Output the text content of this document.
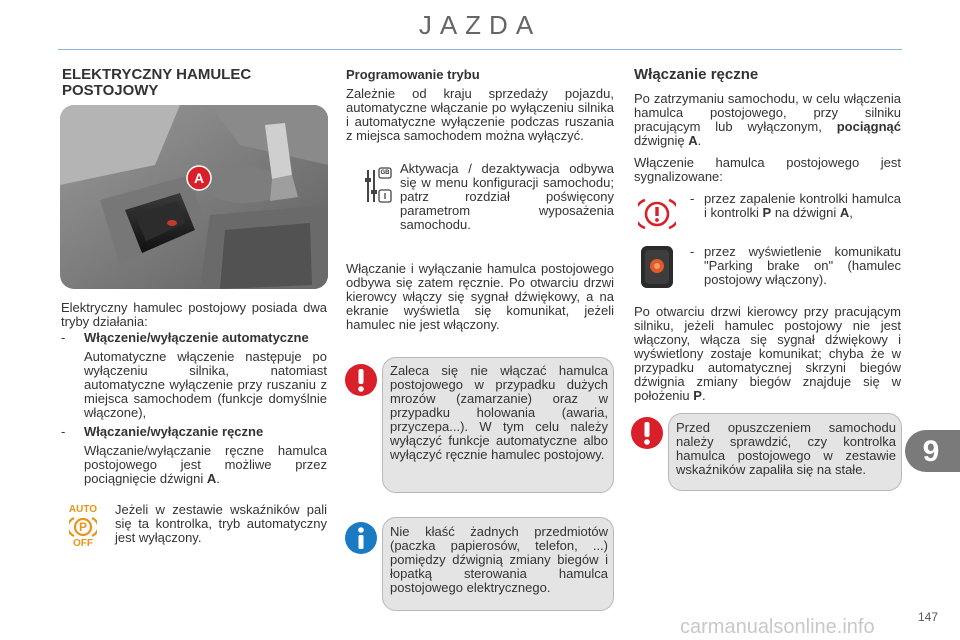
JAZDA
ELEKTRYCZNY HAMULEC POSTOJOWY
A
Elektryczny hamulec postojowy posiada dwa tryby działania:
-	Włączenie/wyłączenie automatyczne
Automatyczne włączenie następuje po wyłączeniu silnika, natomiast automatyczne wyłączenie przy ruszaniu z miejsca samochodem (funkcje domyślnie włączone),
-	Włączanie/wyłączanie ręczne
Włączanie/wyłączanie ręczne hamulca postojowego jest możliwe przez pociągnięcie dźwigni A.
AUTO
P
OFF
Jeżeli w zestawie wskaźników pali się ta kontrolka, tryb automatyczny jest wyłączony.
Programowanie trybu
Zależnie od kraju sprzedaży pojazdu, automatyczne włączanie po wyłączeniu silnika i automatyczne wyłączenie podczas ruszania z miejsca samochodem można wyłączyć.
GB Aktywacja / dezaktywacja odbywa się w menu konfiguracji samochodu; patrz rozdział poświęcony parametrom wyposażenia samochodu.
Włączanie i wyłączanie hamulca postojowego odbywa się zatem ręcznie. Po otwarciu drzwi kierowcy włączy się sygnał dźwiękowy, a na ekranie wyświetla się komunikat, jeżeli hamulec nie jest włączony.
Zaleca się nie włączać hamulca postojowego w przypadku dużych mrozów (zamarzanie) oraz w przypadku holowania (awaria, przyczepa...). W tym celu należy wyłączyć funkcje automatyczne albo wyłączyć ręcznie hamulec postojowy.
Nie kłaść żadnych przedmiotów (paczka papierosów, telefon, ...) pomiędzy dźwignią zmiany biegów i łopatką sterowania hamulca postojowego elektrycznego.
Włączanie ręczne
Po zatrzymaniu samochodu, w celu włączenia hamulca postojowego, przy silniku pracującym lub wyłączonym, pociągnąć dźwignię A.
Włączenie hamulca postojowego jest sygnalizowane:
- przez zapalenie kontrolki hamulca i kontrolki P na dźwigni A,
- przez wyświetlenie komunikatu "Parking brake on" (hamulec postojowy włączony).
Po otwarciu drzwi kierowcy przy pracującym silniku, jeżeli hamulec postojowy nie jest włączony, włącza się sygnał dźwiękowy i wyświetlony zostaje komunikat; chyba że w przypadku automatycznej skrzyni biegów dźwignia zmiany biegów znajduje się w położeniu P.
Przed opuszczeniem samochodu należy sprawdzić, czy kontrolka hamulca postojowego w zestawie wskaźników zapaliła się na stałe.
9
carmanualsonline.info	147
